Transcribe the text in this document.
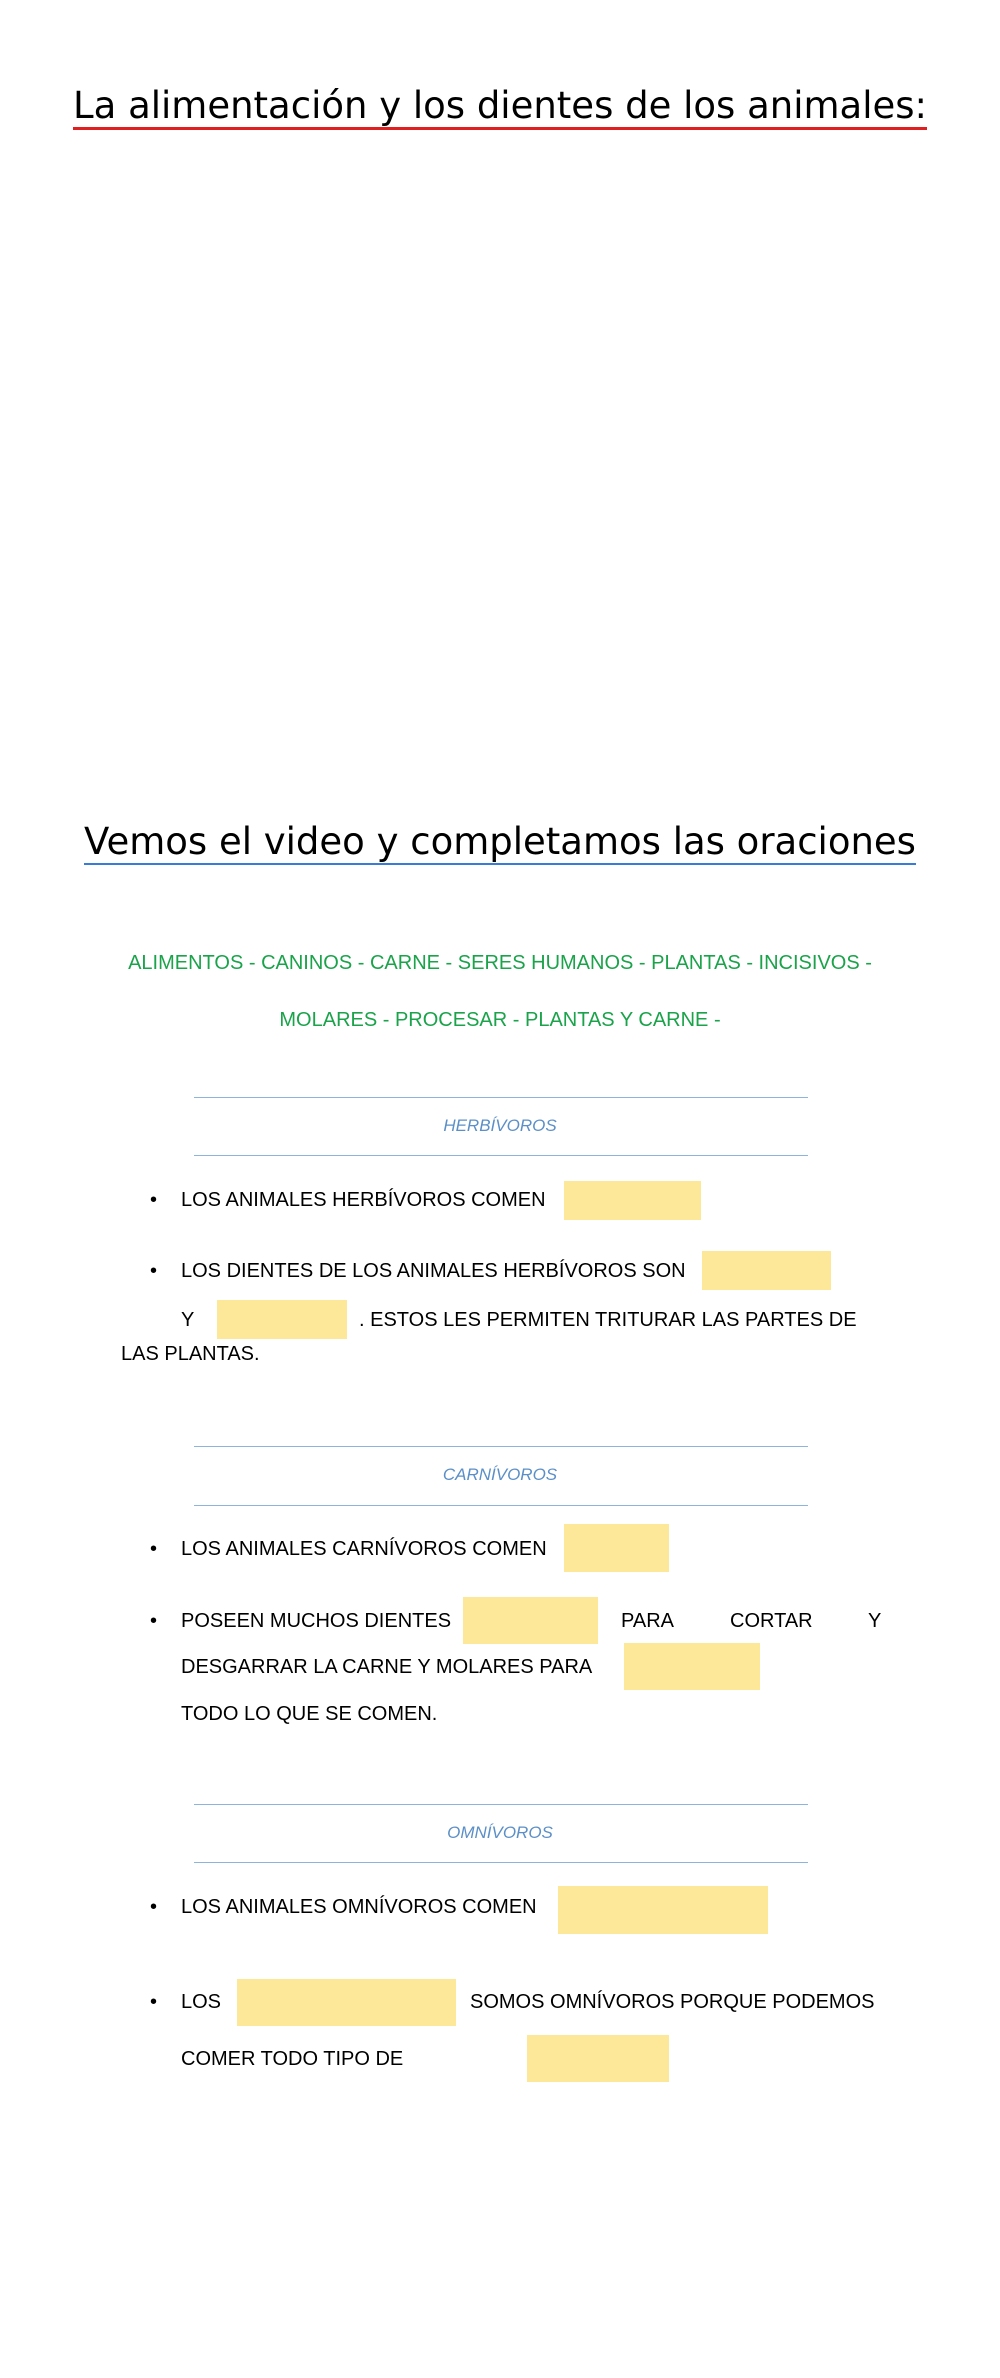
La alimentación y los dientes de los animales:
Vemos el video y completamos las oraciones
ALIMENTOS - CANINOS - CARNE - SERES HUMANOS - PLANTAS - INCISIVOS -
MOLARES - PROCESAR - PLANTAS Y CARNE -
HERBÍVOROS
• LOS ANIMALES HERBÍVOROS COMEN
• LOS DIENTES DE LOS ANIMALES HERBÍVOROS SON
Y	. ESTOS LES PERMITEN TRITURAR LAS PARTES DE
LAS PLANTAS.
CARNÍVOROS
• LOS ANIMALES CARNÍVOROS COMEN
• POSEEN MUCHOS DIENTES	PARA	CORTAR	Y
DESGARRAR LA CARNE Y MOLARES PARA
TODO LO QUE SE COMEN.
OMNÍVOROS
• LOS ANIMALES OMNÍVOROS COMEN
• LOS	SOMOS OMNÍVOROS PORQUE PODEMOS
COMER TODO TIPO DE
